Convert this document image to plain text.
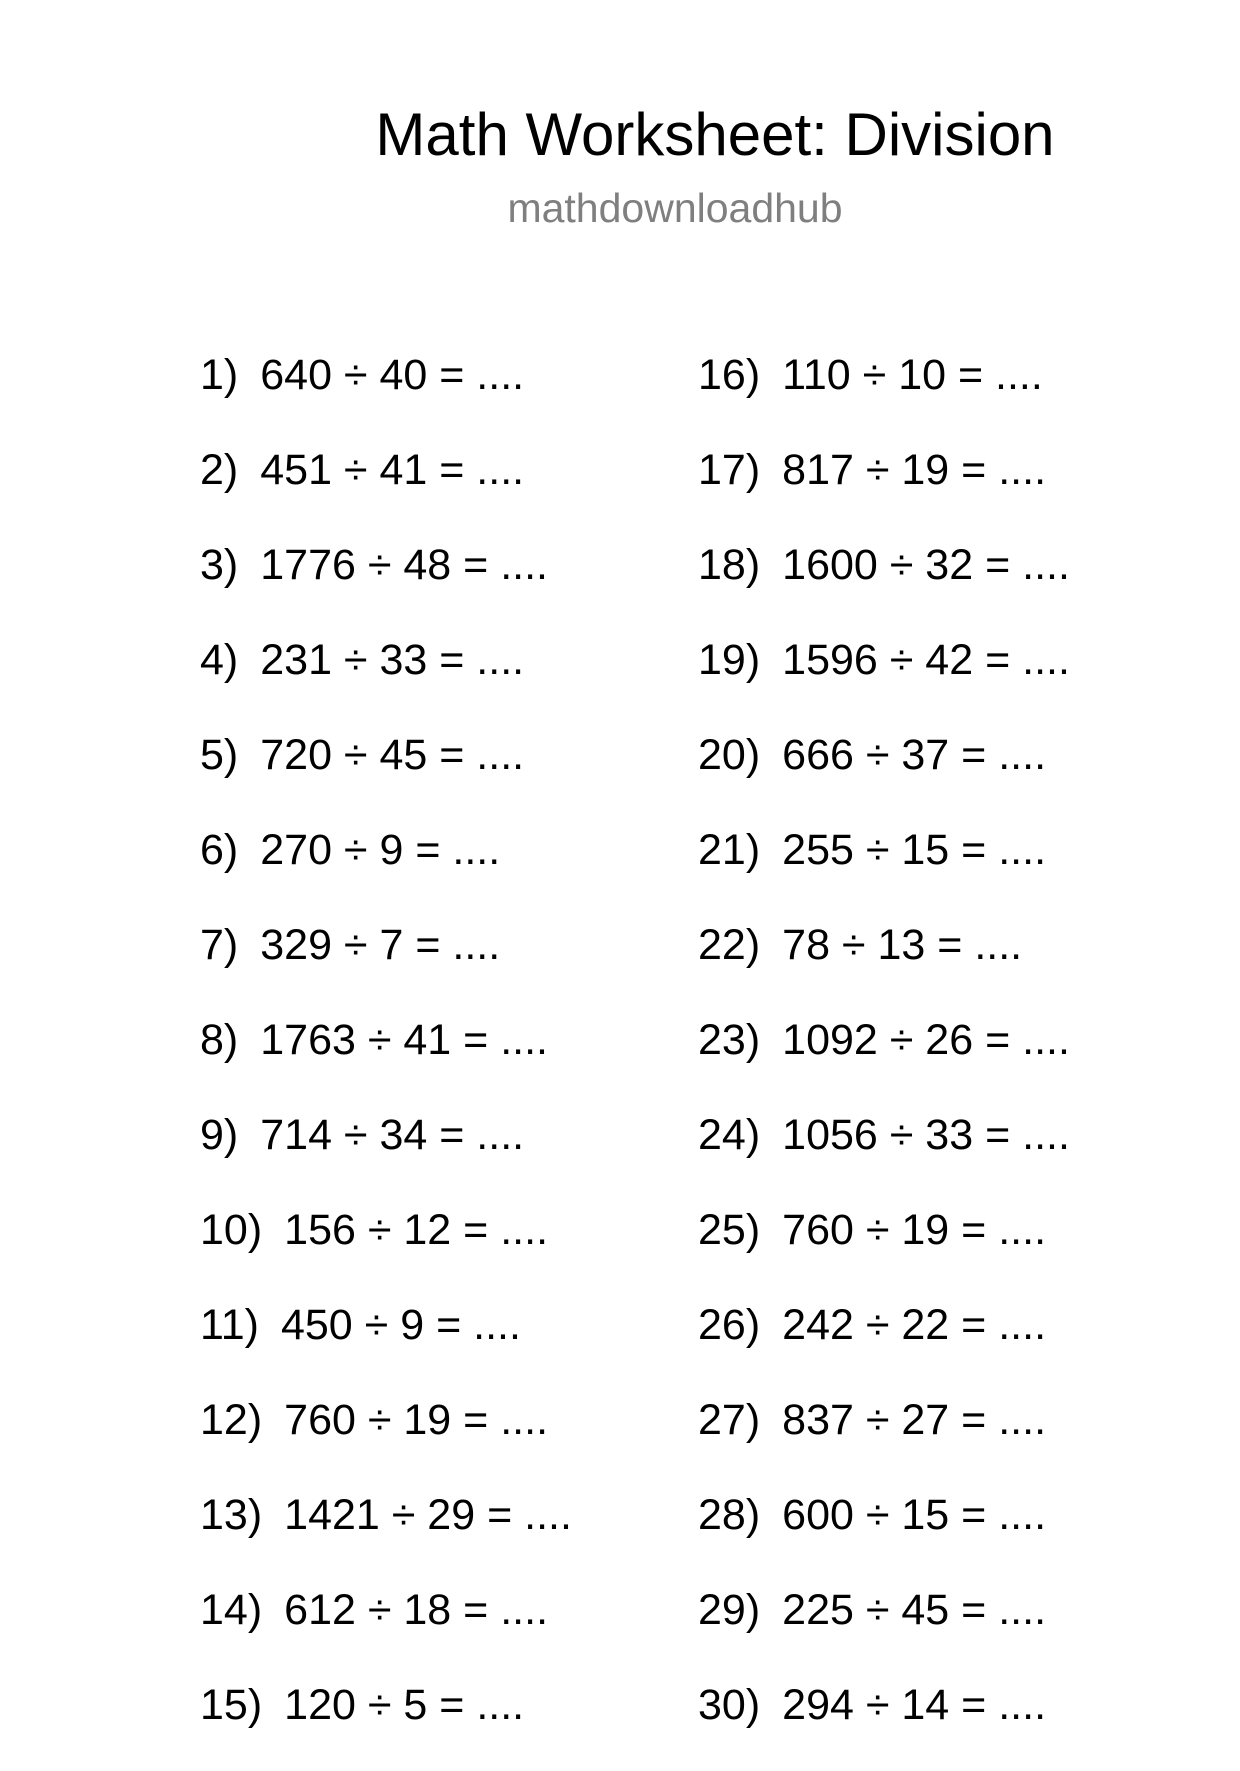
Math Worksheet: Division
mathdownloadhub
1) 640 ÷ 40 = ....
2) 451 ÷ 41 = ....
3) 1776 ÷ 48 = ....
4) 231 ÷ 33 = ....
5) 720 ÷ 45 = ....
6) 270 ÷ 9 = ....
7) 329 ÷ 7 = ....
8) 1763 ÷ 41 = ....
9) 714 ÷ 34 = ....
10) 156 ÷ 12 = ....
11) 450 ÷ 9 = ....
12) 760 ÷ 19 = ....
13) 1421 ÷ 29 = ....
14) 612 ÷ 18 = ....
15) 120 ÷ 5 = ....
16) 110 ÷ 10 = ....
17) 817 ÷ 19 = ....
18) 1600 ÷ 32 = ....
19) 1596 ÷ 42 = ....
20) 666 ÷ 37 = ....
21) 255 ÷ 15 = ....
22) 78 ÷ 13 = ....
23) 1092 ÷ 26 = ....
24) 1056 ÷ 33 = ....
25) 760 ÷ 19 = ....
26) 242 ÷ 22 = ....
27) 837 ÷ 27 = ....
28) 600 ÷ 15 = ....
29) 225 ÷ 45 = ....
30) 294 ÷ 14 = ....
